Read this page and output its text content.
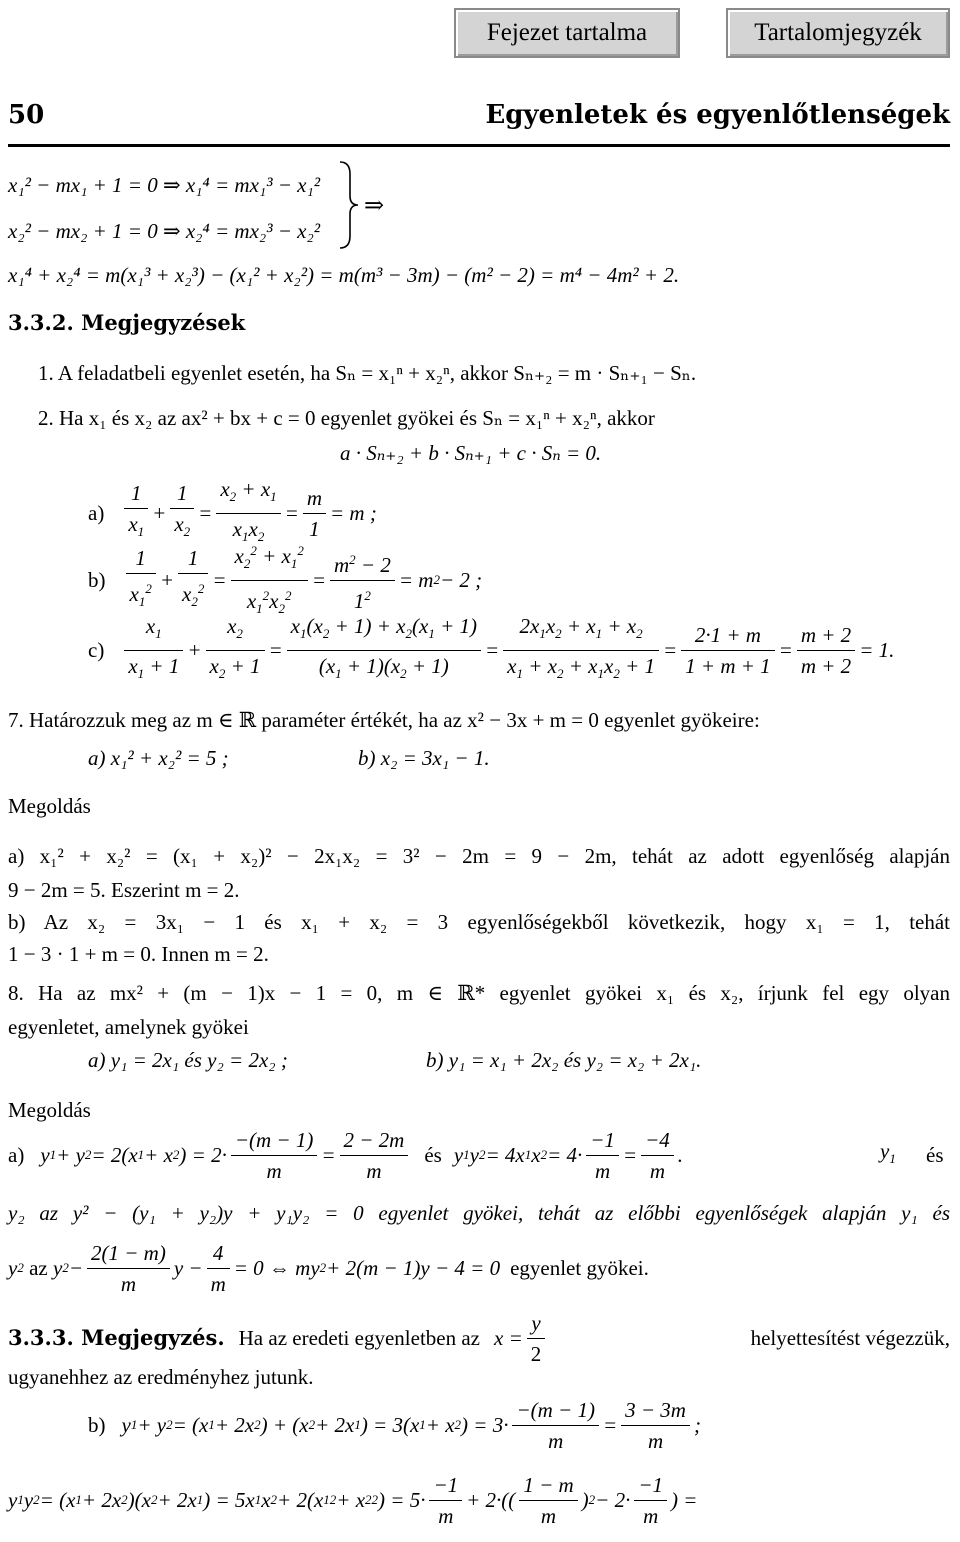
Fejezet tartalma	Tartalomjegyzék
50	Egyenletek és egyenlőtlenségek
x₁² − mx₁ + 1 = 0 ⇒ x₁⁴ = mx₁³ − x₁²
x₂² − mx₂ + 1 = 0 ⇒ x₂⁴ = mx₂³ − x₂²
⇒
x₁⁴ + x₂⁴ = m(x₁³ + x₂³) − (x₁² + x₂²) = m(m³ − 3m) − (m² − 2) = m⁴ − 4m² + 2.
3.3.2. Megjegyzések
1. A feladatbeli egyenlet esetén, ha Sₙ = x₁ⁿ + x₂ⁿ, akkor Sₙ₊₂ = m · Sₙ₊₁ − Sₙ.
2. Ha x₁ és x₂ az ax² + bx + c = 0 egyenlet gyökei és Sₙ = x₁ⁿ + x₂ⁿ, akkor
a · Sₙ₊₂ + b · Sₙ₊₁ + c · Sₙ = 0.
$a) \frac{1}{x_1} + \frac{1}{x_2} = \frac{x_2 + x_1}{x_1x_2} = \frac{m}{1} = m$ ;
$b) \frac{1}{x_1^2} + \frac{1}{x_2^2} = \frac{x_2^2 + x_1^2}{x_1^2x_2^2} = \frac{m^2 - 2}{1^2} = m$ 2 − 2 ;
$c) \frac{x_1}{x_1 + 1} + \frac{x_2}{x_2 + 1} = \frac{x_1(x_2 + 1) + x_2(x_1 + 1)}{(x_1 + 1)(x_2 + 1)} = \frac{2x_1x_2 + x_1 + x_2}{x_1 + x_2 + x_1x_2 + 1} = \frac{2\cdot 1 + m}{1 + m + 1} = \frac{m + 2}{m + 2} = 1$.
7. Határozzuk meg az m ∈ ℝ paraméter értékét, ha az x² − 3x + m = 0 egyenlet gyökeire:
a) x₁² + x₂² = 5 ;	b) x₂ = 3x₁ − 1.
Megoldás
a) x₁² + x₂² = (x₁ + x₂)² − 2x₁x₂ = 3² − 2m = 9 − 2m, tehát az adott egyenlőség alapján
9 − 2m = 5. Eszerint m = 2.
b) Az x₂ = 3x₁ − 1 és x₁ + x₂ = 3 egyenlőségekből következik, hogy x₁ = 1, tehát
1 − 3 · 1 + m = 0. Innen m = 2.
8. Ha az mx² + (m − 1)x − 1 = 0, m ∈ ℝ* egyenlet gyökei x₁ és x₂, írjunk fel egy olyan
egyenletet, amelynek gyökei
a) y₁ = 2x₁ és y₂ = 2x₂ ;	b) y₁ = x₁ + 2x₂ és y₂ = x₂ + 2x₁.
Megoldás
a) y 1 + y 2 = 2(x 1 + x 2 ) = $2\cdot \frac{-(m - 1)}{m} = \frac{2 - 2m}{m}$ és y 1 y 2 = 4x 1 x $2 = 4\cdot \frac{-1}{m} = \frac{-4}{m}$ .	$y_1$ és
y₂ az y² − (y₁ + y₂)y + y₁y₂ = 0 egyenlet gyökei, tehát az előbbi egyenlőségek alapján y₁ és
y 2
az y $2 - \frac{2(1 - m)}{m}$ $y - \frac{4}{m} = 0$ ⇔ my 2 + 2(m − 1)y − 4 = 0 egyenlet gyökei.
3.3.3. Megjegyzés. Ha az eredeti egyenletben az $x = \frac{y}{2}$	helyettesítést végezzük,
ugyanehhez az eredményhez jutunk.
b) y 1 + y 2 = (x 1 + 2x 2 ) + (x 2 + 2x 1 ) = 3(x 1 + x 2 ) = $3\cdot \frac{-(m - 1)}{m} = \frac{3 - 3m}{m}$ ;
y 1 y 2 = (x 1 + 2x 2 )(x 2 + 2x 1 ) = 5x 1 x 2 + 2(x 1 2 + x 2 2 ) = $5\cdot \frac{-1}{m} + 2\cdot(( \frac{1 - m}{m}$ ) $2 - 2\cdot \frac{-1}{m}$ ) =
